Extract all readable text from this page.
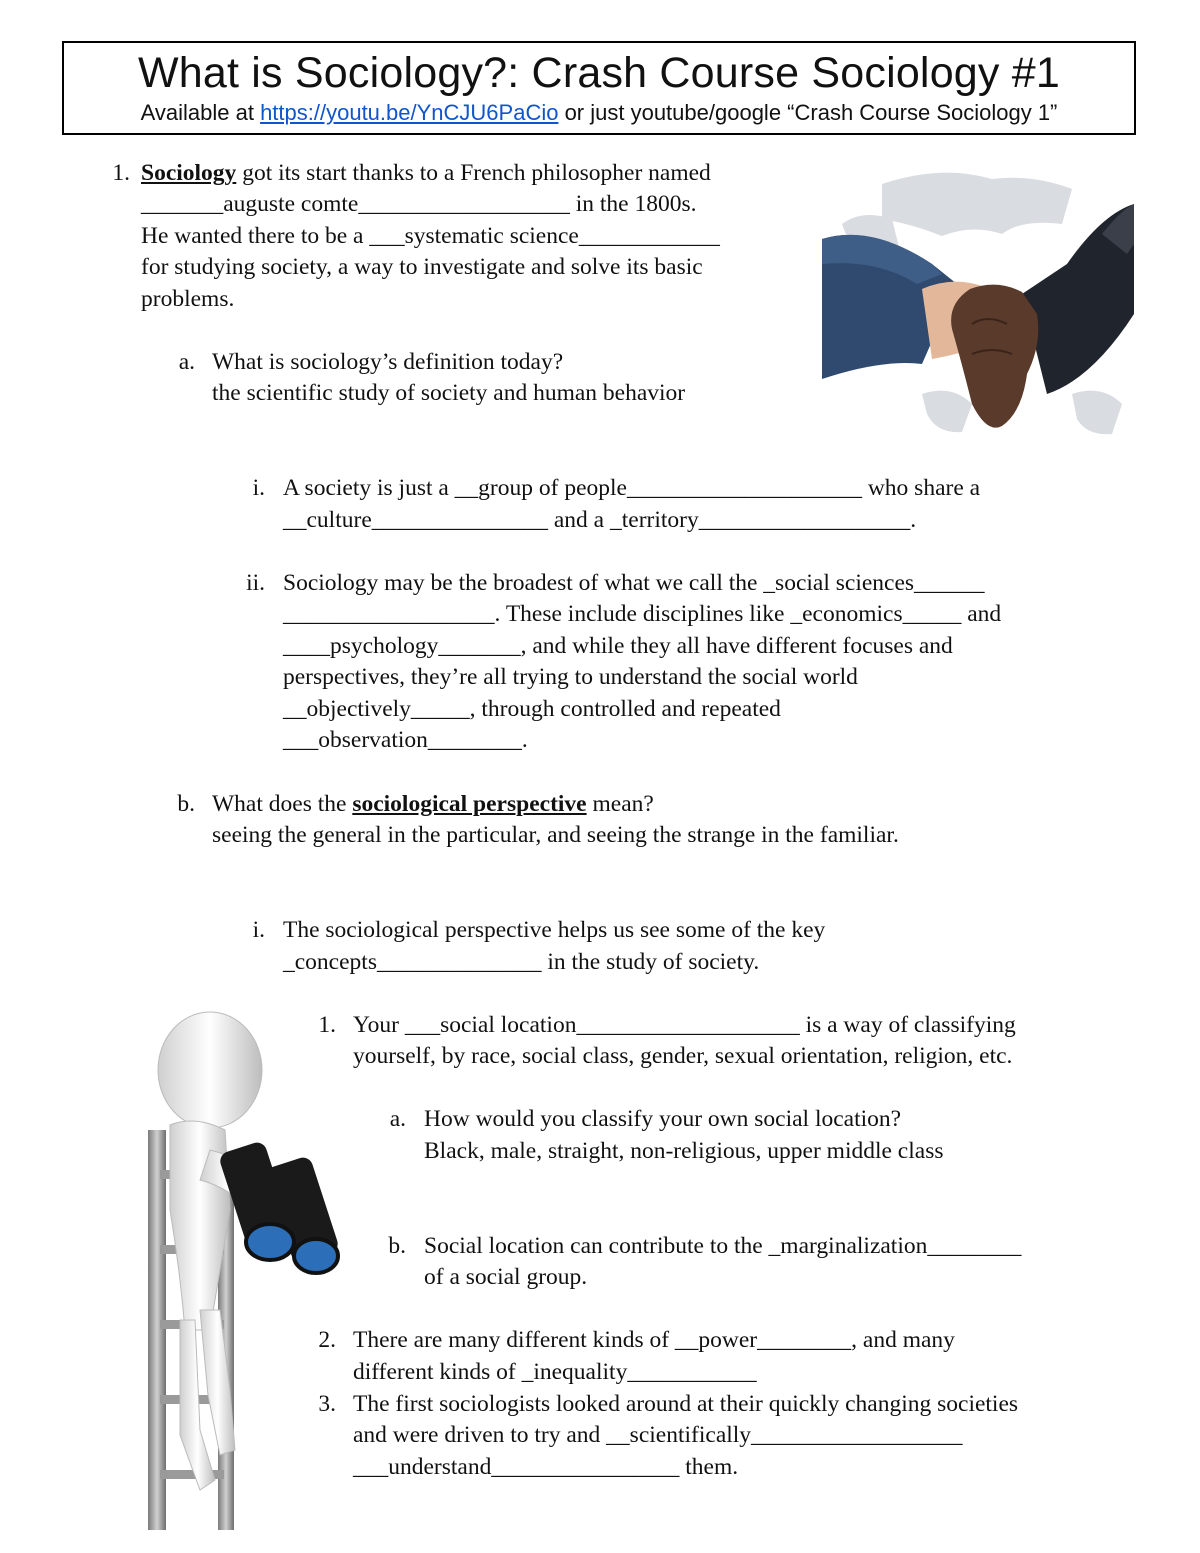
What is Sociology?: Crash Course Sociology #1
Available at https://youtu.be/YnCJU6PaCio or just youtube/google “Crash Course Sociology 1”
1. Sociology got its start thanks to a French philosopher named
_______auguste comte__________________ in the 1800s.
He wanted there to be a ___systematic science____________
for studying society, a way to investigate and solve its basic
problems.
a. What is sociology’s definition today?
the scientific study of society and human behavior
i. A society is just a __group of people____________________ who share a
__culture_______________ and a _territory__________________.
ii. Sociology may be the broadest of what we call the _social sciences______
__________________. These include disciplines like _economics_____ and
____psychology_______, and while they all have different focuses and
perspectives, they’re all trying to understand the social world
__objectively_____, through controlled and repeated
___observation________.
b. What does the sociological perspective mean?
seeing the general in the particular, and seeing the strange in the familiar.
i. The sociological perspective helps us see some of the key
_concepts______________ in the study of society.
1. Your ___social location___________________ is a way of classifying
yourself, by race, social class, gender, sexual orientation, religion, etc.
a. How would you classify your own social location?
Black, male, straight, non-religious, upper middle class
b. Social location can contribute to the _marginalization________
of a social group.
2. There are many different kinds of __power________, and many
different kinds of _inequality___________
3. The first sociologists looked around at their quickly changing societies
and were driven to try and __scientifically__________________
___understand________________ them.
